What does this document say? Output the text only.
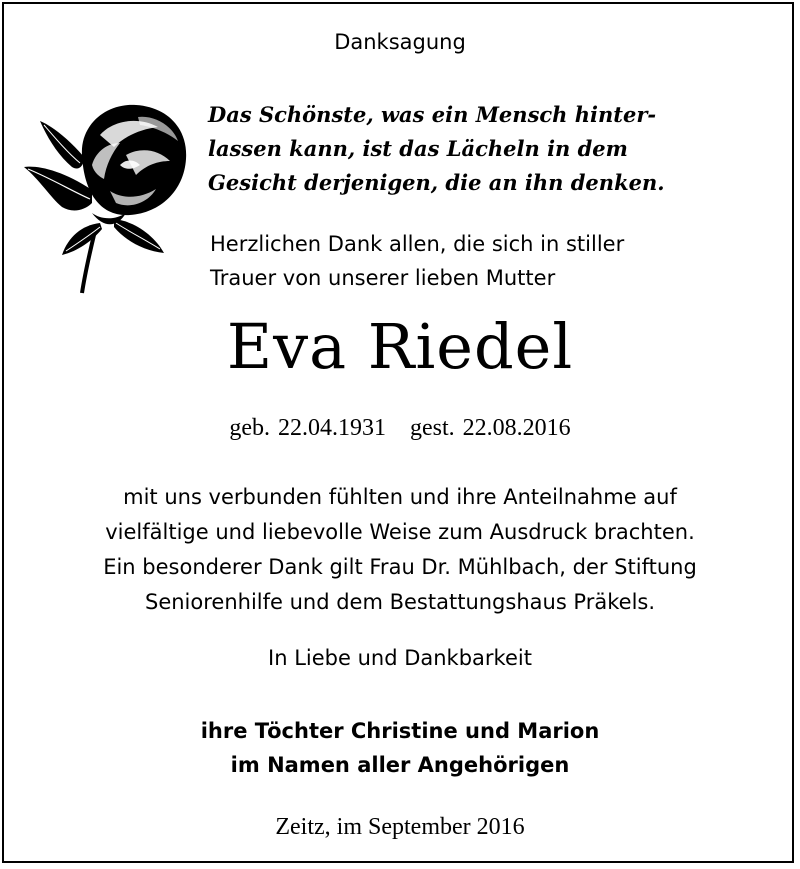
Danksagung
Das Schönste, was ein Mensch hinter-
lassen kann, ist das Lächeln in dem
Gesicht derjenigen, die an ihn denken.
Herzlichen Dank allen, die sich in stiller
Trauer von unserer lieben Mutter
Eva Riedel
geb. 22.04.1931 gest. 22.08.2016
mit uns verbunden fühlten und ihre Anteilnahme auf
vielfältige und liebevolle Weise zum Ausdruck brachten.
Ein besonderer Dank gilt Frau Dr. Mühlbach, der Stiftung
Seniorenhilfe und dem Bestattungshaus Präkels.
In Liebe und Dankbarkeit
ihre Töchter Christine und Marion
im Namen aller Angehörigen
Zeitz, im September 2016
